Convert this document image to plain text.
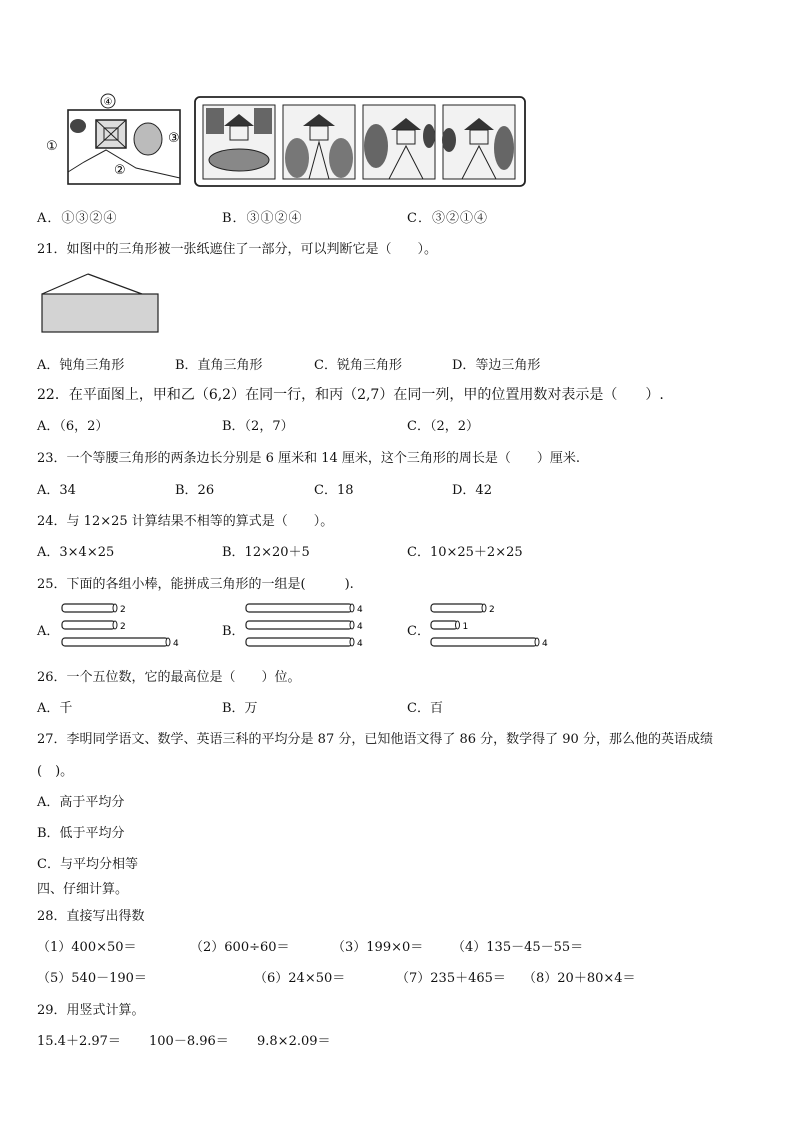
④
①
②
③
A．①③②④	B．③①②④	C．③②①④
21．如图中的三角形被一张纸遮住了一部分，可以判断它是（　　）。
A．钝角三角形	B．直角三角形	C．锐角三角形	D．等边三角形
22．在平面图上，甲和乙（6,2）在同一行，和丙（2,7）在同一列，甲的位置用数对表示是（　　）.
A．（6，2）	B．（2，7）	C．（2，2）
23．一个等腰三角形的两条边长分别是 6 厘米和 14 厘米，这个三角形的周长是（　　）厘米.
A．34	B．26	C．18	D．42
24．与 12×25 计算结果不相等的算式是（　　）。
A．3×4×25	B．12×20＋5	C．10×25＋2×25
25．下面的各组小棒，能拼成三角形的一组是(　　　).
A．	B．	C．
2
2
4
4
4
4
2
1
4
26．一个五位数，它的最高位是（　　）位。
A．千	B．万	C．百
27．李明同学语文、数学、英语三科的平均分是 87 分，已知他语文得了 86 分，数学得了 90 分，那么他的英语成绩
(　)。
A．高于平均分
B．低于平均分
C．与平均分相等
四、仔细计算。
28．直接写出得数
（1）400×50＝	（2）600÷60＝	（3）199×0＝ （4）135－45－55＝
（5）540－190＝	（6）24×50＝	（7）235＋465＝ （8）20＋80×4＝
29．用竖式计算。
15.4＋2.97＝ 100－8.96＝ 9.8×2.09＝
